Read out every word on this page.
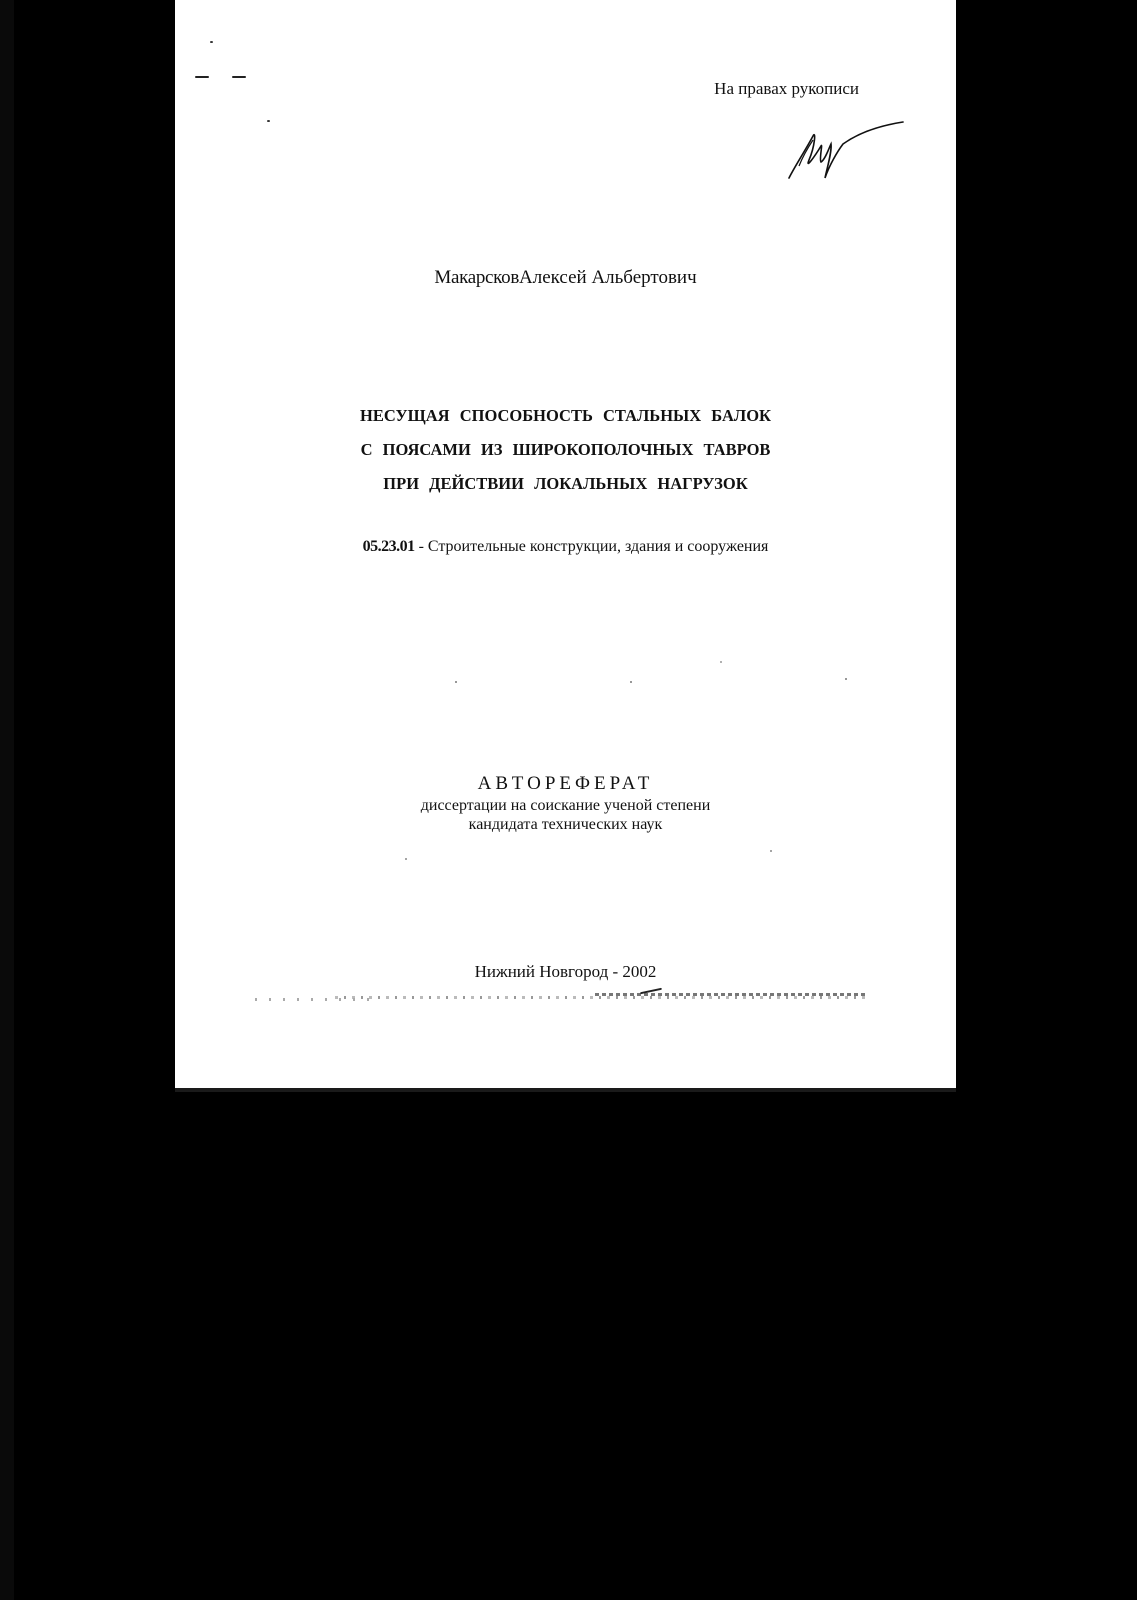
На правах рукописи
МакарсковАлексей Альбертович
НЕСУЩАЯ СПОСОБНОСТЬ СТАЛЬНЫХ БАЛОК
С ПОЯСАМИ ИЗ ШИРОКОПОЛОЧНЫХ ТАВРОВ
ПРИ ДЕЙСТВИИ ЛОКАЛЬНЫХ НАГРУЗОК
05.23.01 - Строительные конструкции, здания и сооружения
АВТОРЕФЕРАТ
диссертации на соискание ученой степени
кандидата технических наук
Нижний Новгород - 2002
